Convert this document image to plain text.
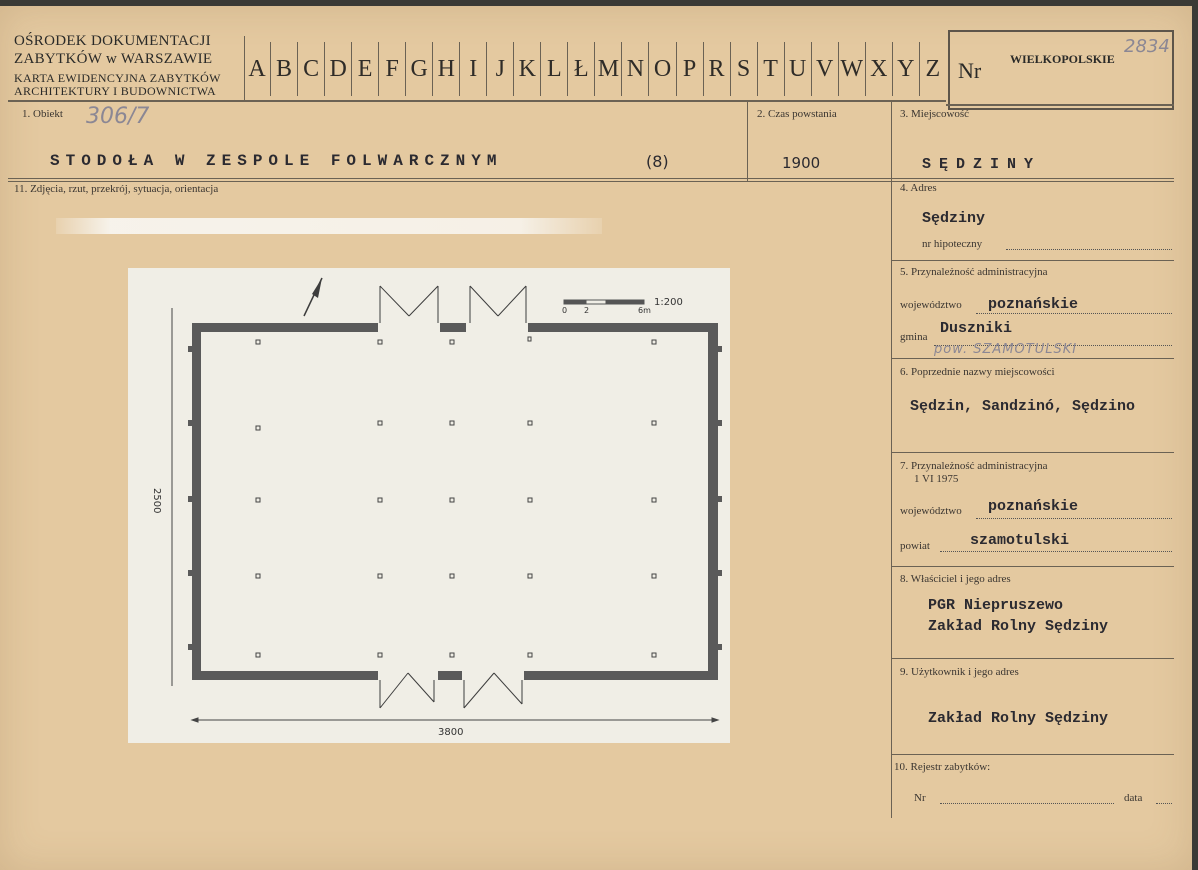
OŚRODEK DOKUMENTACJI
ZABYTKÓW w WARSZAWIE
KARTA EWIDENCYJNA ZABYTKÓW
ARCHITEKTURY I BUDOWNICTWA
A B C D E F G H I J K L Ł M N O P R S T U V W X Y Z Nr WIELKOPOLSKIE
2834
1. Obiekt 306/7
STODOŁA W ZESPOLE FOLWARCZNYM	(8)
2. Czas powstania
1900
3. Miejscowość
SĘDZINY
11. Zdjęcia, rzut, przekrój, sytuacja, orientacja	4. Adres
Sędziny
nr hipoteczny
5. Przynależność administracyjna
województwo poznańskie
gmina Duszniki
pow. SZAMOTULSKI
6. Poprzednie nazwy miejscowości
Sędzin, Sandzinó, Sędzino
7. Przynależność administracyjna
1 VI 1975
województwo poznańskie
powiat	szamotulski
8. Właściciel i jego adres
PGR Niepruszewo
Zakład Rolny Sędziny
9. Użytkownik i jego adres
Zakład Rolny Sędziny
10. Rejestr zabytków:
Nr	data
1:200
0 2	6m
2500
3800
